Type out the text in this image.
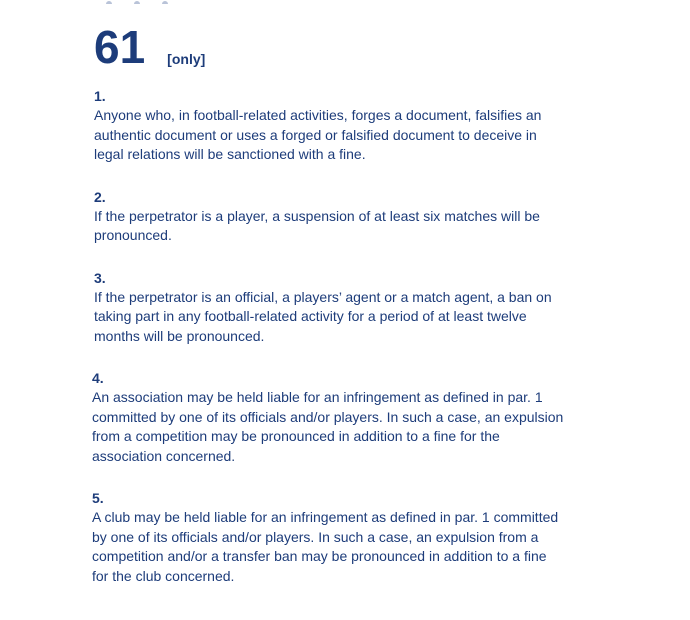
61 [only]
1.
Anyone who, in football-related activities, forges a document, falsifies an
authentic document or uses a forged or falsified document to deceive in
legal relations will be sanctioned with a fine.
2.
If the perpetrator is a player, a suspension of at least six matches will be
pronounced.
3.
If the perpetrator is an official, a players’ agent or a match agent, a ban on
taking part in any football-related activity for a period of at least twelve
months will be pronounced.
4.
An association may be held liable for an infringement as defined in par. 1
committed by one of its officials and/or players. In such a case, an expulsion
from a competition may be pronounced in addition to a fine for the
association concerned.
5.
A club may be held liable for an infringement as defined in par. 1 committed
by one of its officials and/or players. In such a case, an expulsion from a
competition and/or a transfer ban may be pronounced in addition to a fine
for the club concerned.
